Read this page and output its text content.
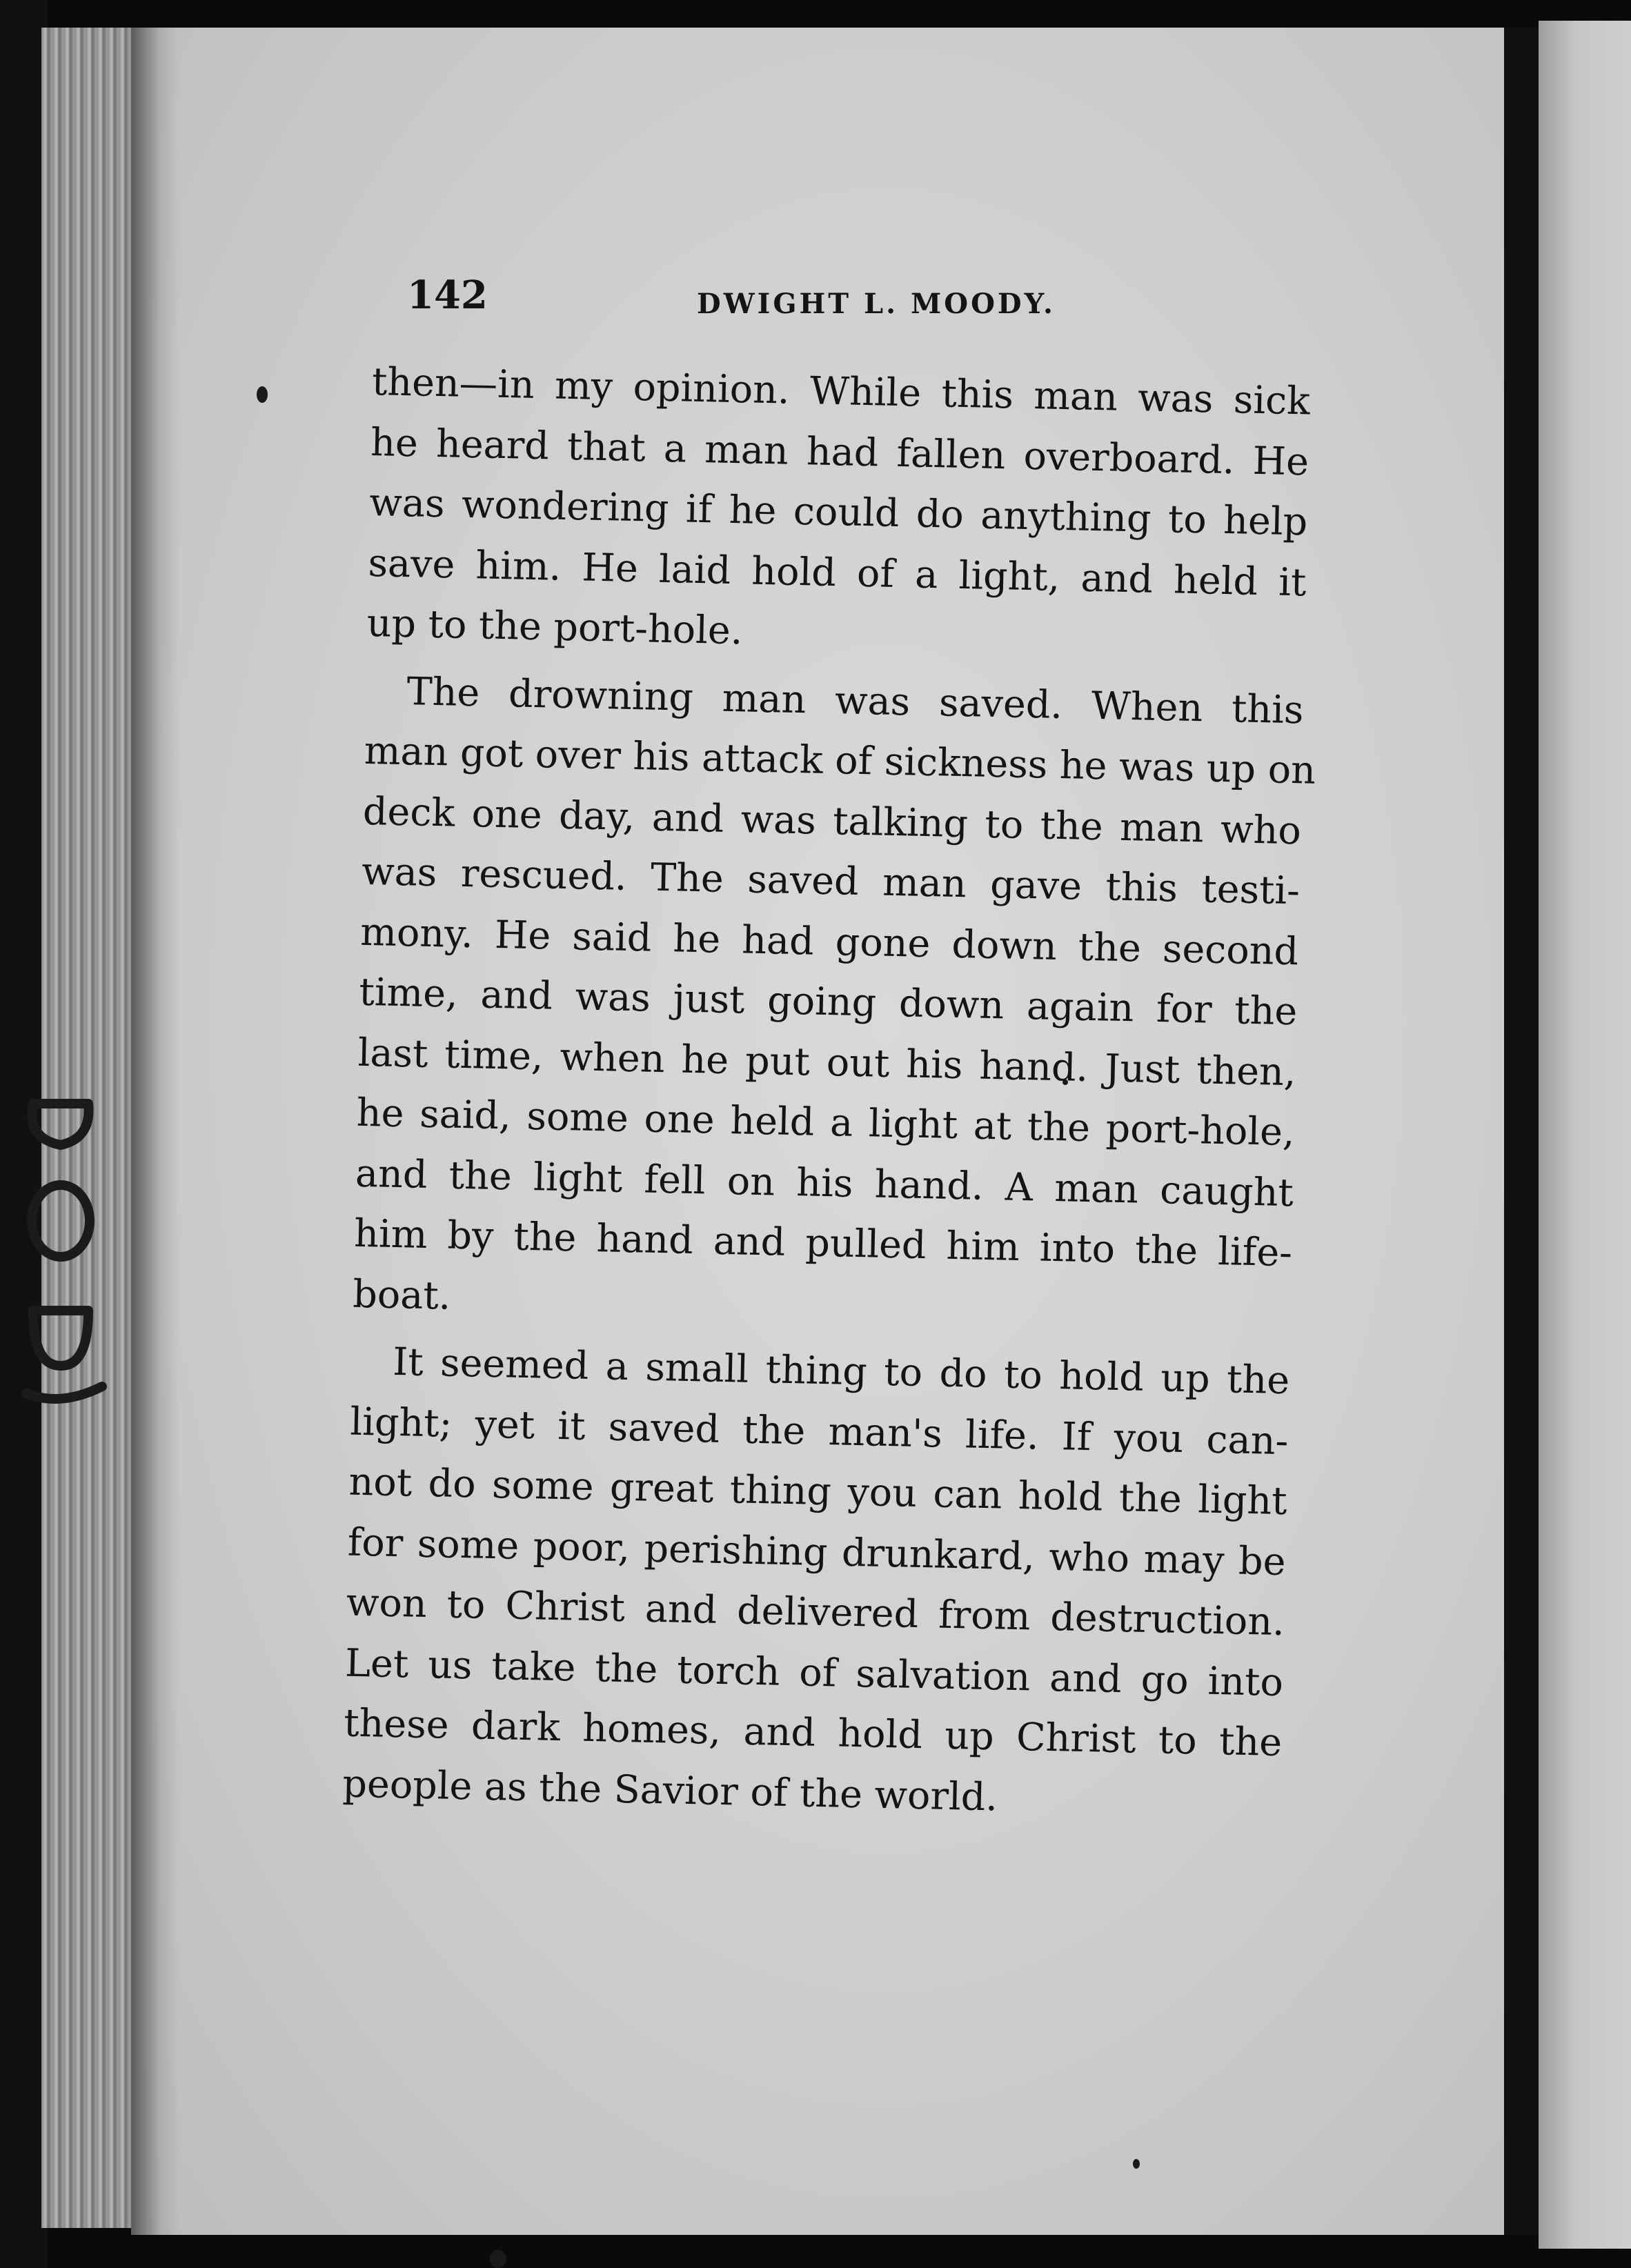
142	DWIGHT L. MOODY.
then—in my opinion. While this man was sick
he heard that a man had fallen overboard. He
was wondering if he could do anything to help
save him. He laid hold of a light, and held it
up to the port-hole.
The drowning man was saved. When this
man got over his attack of sickness he was up on
deck one day, and was talking to the man who
was rescued. The saved man gave this testi-
mony. He said he had gone down the second
time, and was just going down again for the
last time, when he put out his hand. Just then,
he said, some one held a light at the port-hole,
and the light fell on his hand. A man caught
him by the hand and pulled him into the life-
boat.
It seemed a small thing to do to hold up the
light; yet it saved the man's life. If you can-
not do some great thing you can hold the light
for some poor, perishing drunkard, who may be
won to Christ and delivered from destruction.
Let us take the torch of salvation and go into
these dark homes, and hold up Christ to the
people as the Savior of the world.
